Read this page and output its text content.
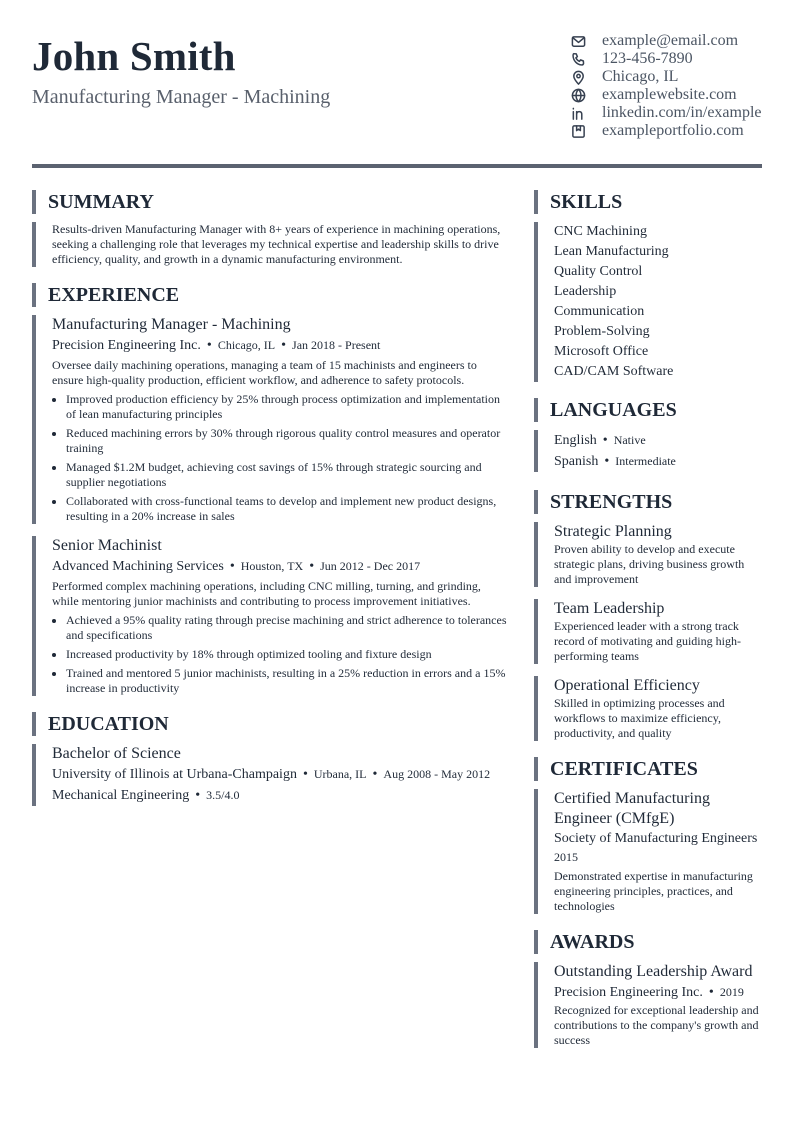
John Smith
Manufacturing Manager - Machining
example@email.com
123-456-7890
Chicago, IL
examplewebsite.com
linkedin.com/in/example
exampleportfolio.com
SUMMARY
Results-driven Manufacturing Manager with 8+ years of experience in machining operations, seeking a challenging role that leverages my technical expertise and leadership skills to drive efficiency, quality, and growth in a dynamic manufacturing environment.
EXPERIENCE
Manufacturing Manager - Machining
Precision Engineering Inc. • Chicago, IL • Jan 2018 - Present
Oversee daily machining operations, managing a team of 15 machinists and engineers to ensure high-quality production, efficient workflow, and adherence to safety protocols.
• Improved production efficiency by 25% through process optimization and implementation of lean manufacturing principles
• Reduced machining errors by 30% through rigorous quality control measures and operator training
• Managed $1.2M budget, achieving cost savings of 15% through strategic sourcing and supplier negotiations
• Collaborated with cross-functional teams to develop and implement new product designs, resulting in a 20% increase in sales
Senior Machinist
Advanced Machining Services • Houston, TX • Jun 2012 - Dec 2017
Performed complex machining operations, including CNC milling, turning, and grinding, while mentoring junior machinists and contributing to process improvement initiatives.
• Achieved a 95% quality rating through precise machining and strict adherence to tolerances and specifications
• Increased productivity by 18% through optimized tooling and fixture design
• Trained and mentored 5 junior machinists, resulting in a 25% reduction in errors and a 15% increase in productivity
EDUCATION
Bachelor of Science
University of Illinois at Urbana-Champaign • Urbana, IL • Aug 2008 - May 2012
Mechanical Engineering • 3.5/4.0
SKILLS
CNC Machining
Lean Manufacturing
Quality Control
Leadership
Communication
Problem-Solving
Microsoft Office
CAD/CAM Software
LANGUAGES
English • Native
Spanish • Intermediate
STRENGTHS
Strategic Planning
Proven ability to develop and execute strategic plans, driving business growth and improvement
Team Leadership
Experienced leader with a strong track record of motivating and guiding high-performing teams
Operational Efficiency
Skilled in optimizing processes and workflows to maximize efficiency, productivity, and quality
CERTIFICATES
Certified Manufacturing Engineer (CMfgE)
Society of Manufacturing Engineers
2015
Demonstrated expertise in manufacturing engineering principles, practices, and technologies
AWARDS
Outstanding Leadership Award
Precision Engineering Inc. • 2019
Recognized for exceptional leadership and contributions to the company's growth and success
